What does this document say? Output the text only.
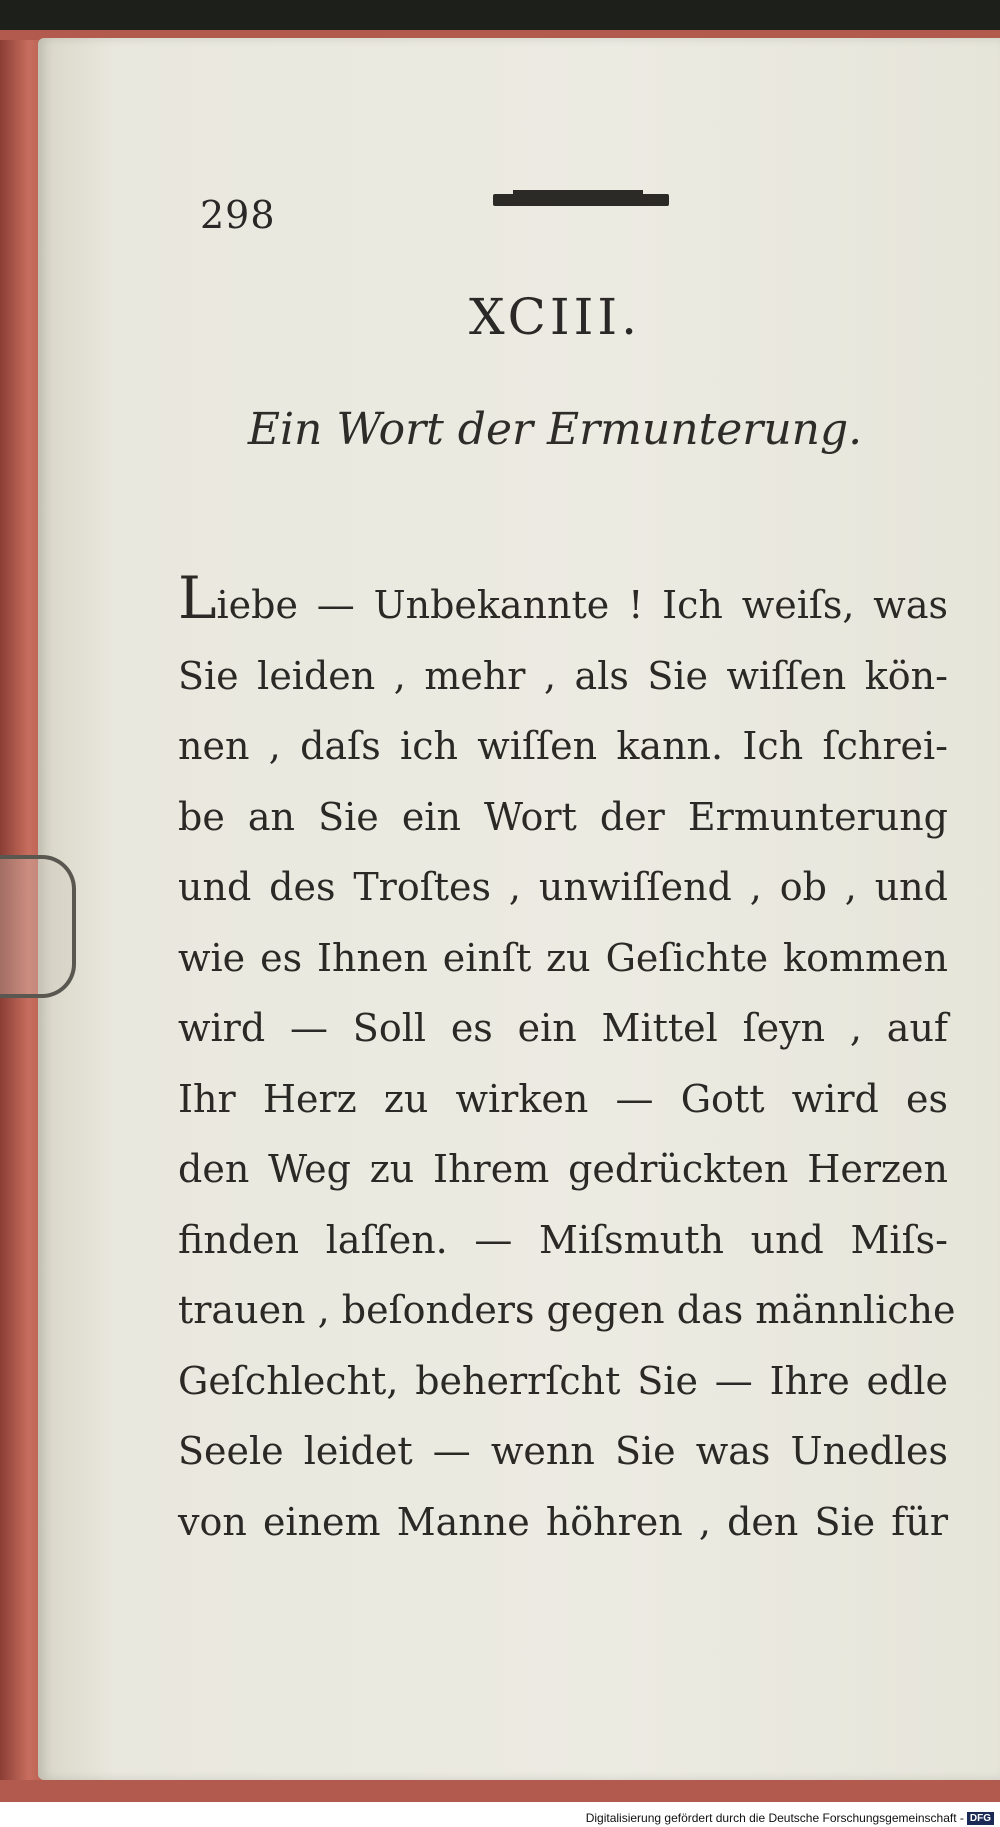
298
XCIII.
Ein Wort der Ermunterung.
Liebe — Unbekannte ! Ich weiſs, was
Sie leiden , mehr , als Sie wiſſen kön-
nen , daſs ich wiſſen kann. Ich ſchrei-
be an Sie ein Wort der Ermunterung
und des Troſtes , unwiſſend , ob , und
wie es Ihnen einſt zu Geſichte kommen
wird — Soll es ein Mittel ſeyn , auf
Ihr Herz zu wirken — Gott wird es
den Weg zu Ihrem gedrückten Herzen
finden laſſen. — Miſsmuth und Miſs-
trauen , beſonders gegen das männliche
Geſchlecht, beherrſcht Sie — Ihre edle
Seele leidet — wenn Sie was Unedles
von einem Manne höhren , den Sie für
Digitalisierung gefördert durch die Deutsche Forschungsgemeinschaft - DFG
